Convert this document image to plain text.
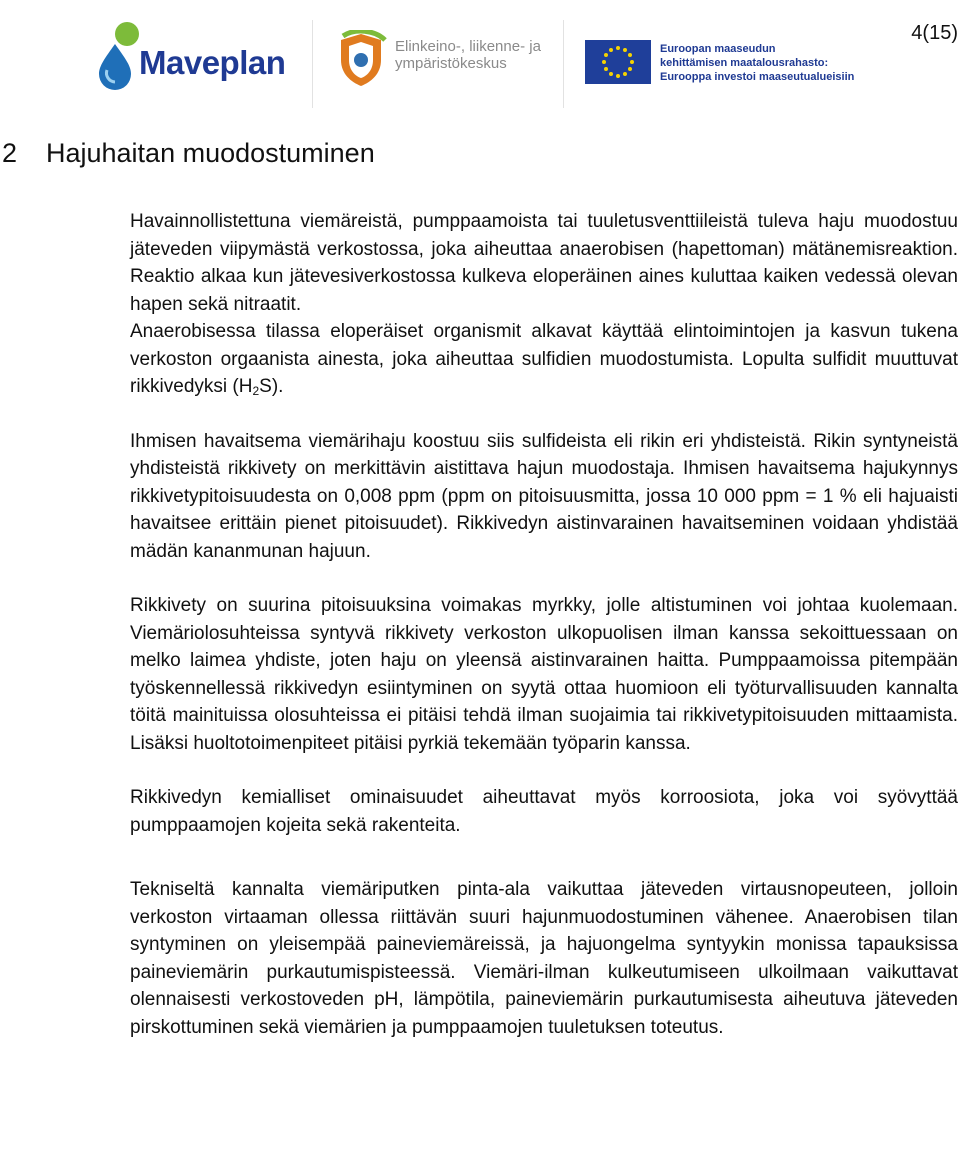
Maveplan	Elinkeino-, liikenne- ja
ympäristökeskus
Euroopan maaseudun
kehittämisen maatalousrahasto:
Eurooppa investoi maaseutualueisiin
4(15)
2 Hajuhaitan muodostuminen

Havainnollistettuna viemäreistä, pumppaamoista tai tuuletusventtiileistä tuleva haju muodostuu jäteveden viipymästä verkostossa, joka aiheuttaa anaerobisen (hapettoman) mätänemisreaktion. Reaktio alkaa kun jätevesiverkostossa kulkeva eloperäinen aines kuluttaa kaiken vedessä olevan hapen sekä nitraatit.

Anaerobisessa tilassa eloperäiset organismit alkavat käyttää elintoimintojen ja kasvun tukena verkoston orgaanista ainesta, joka aiheuttaa sulfidien muodostumista. Lopulta sulfidit muuttuvat rikkivedyksi $(H_2S)$.

Ihmisen havaitsema viemärihaju koostuu siis sulfideista eli rikin eri yhdisteistä. Rikin syntyneistä yhdisteistä rikkivety on merkittävin aistittava hajun muodostaja. Ihmisen havaitsema hajukynnys rikkivetypitoisuudesta on 0,008 ppm (ppm on pitoisuusmitta, jossa 10 000 ppm = 1 % eli hajuaisti havaitsee erittäin pienet pitoisuudet). Rikkivedyn aistinvarainen havaitseminen voidaan yhdistää mädän kananmunan hajuun.

Rikkivety on suurina pitoisuuksina voimakas myrkky, jolle altistuminen voi johtaa kuolemaan. Viemäriolosuhteissa syntyvä rikkivety verkoston ulkopuolisen ilman kanssa sekoittuessaan on melko laimea yhdiste, joten haju on yleensä aistinvarainen haitta. Pumppaamoissa pitempään työskennellessä rikkivedyn esiintyminen on syytä ottaa huomioon eli työturvallisuuden kannalta töitä mainituissa olosuhteissa ei pitäisi tehdä ilman suojaimia tai rikkivetypitoisuuden mittaamista. Lisäksi huoltotoimenpiteet pitäisi pyrkiä tekemään työparin kanssa.

Rikkivedyn kemialliset ominaisuudet aiheuttavat myös korroosiota, joka voi syövyttää pumppaamojen kojeita sekä rakenteita.

Tekniseltä kannalta viemäriputken pinta-ala vaikuttaa jäteveden virtausnopeuteen, jolloin verkoston virtaaman ollessa riittävän suuri hajunmuodostuminen vähenee. Anaerobisen tilan syntyminen on yleisempää paineviemäreissä, ja hajuongelma syntyykin monissa tapauksissa paineviemärin purkautumispisteessä. Viemäri-ilman kulkeutumiseen ulkoilmaan vaikuttavat olennaisesti verkostoveden pH, lämpötila, paineviemärin purkautumisesta aiheutuva jäteveden pirskottuminen sekä viemärien ja pumppaamojen tuuletuksen toteutus.
